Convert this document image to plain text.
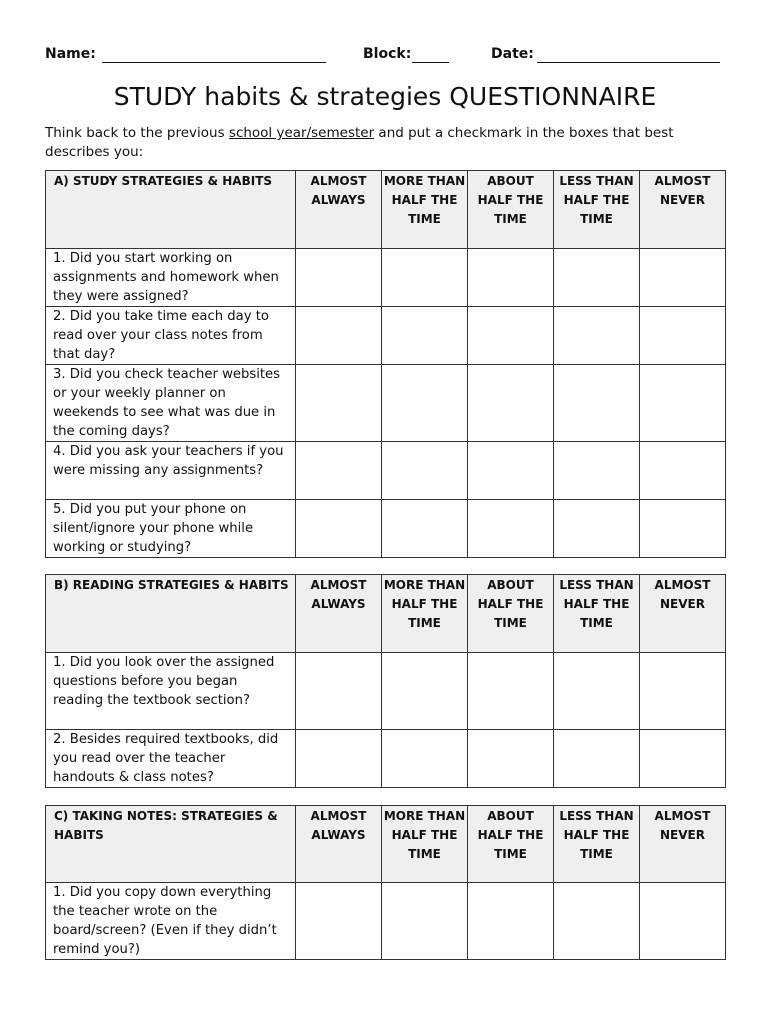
Name:	Block:	Date:
STUDY habits & strategies QUESTIONNAIRE
Think back to the previous school year/semester and put a checkmark in the boxes that best describes you:
A) STUDY STRATEGIES & HABITS	ALMOST ALWAYS	MORE THAN HALF THE TIME	ABOUT HALF THE TIME	LESS THAN HALF THE TIME	ALMOST NEVER
1. Did you start working on assignments and homework when they were assigned?					
2. Did you take time each day to read over your class notes from that day?					
3. Did you check teacher websites or your weekly planner on weekends to see what was due in the coming days?					
4. Did you ask your teachers if you were missing any assignments?					
5. Did you put your phone on silent/ignore your phone while working or studying?					
B) READING STRATEGIES & HABITS	ALMOST ALWAYS	MORE THAN HALF THE TIME	ABOUT HALF THE TIME	LESS THAN HALF THE TIME	ALMOST NEVER
1. Did you look over the assigned questions before you began reading the textbook section?					
2. Besides required textbooks, did you read over the teacher handouts & class notes?					
C) TAKING NOTES: STRATEGIES & HABITS	ALMOST ALWAYS	MORE THAN HALF THE TIME	ABOUT HALF THE TIME	LESS THAN HALF THE TIME	ALMOST NEVER
1. Did you copy down everything the teacher wrote on the board/screen? (Even if they didn’t remind you?)					
